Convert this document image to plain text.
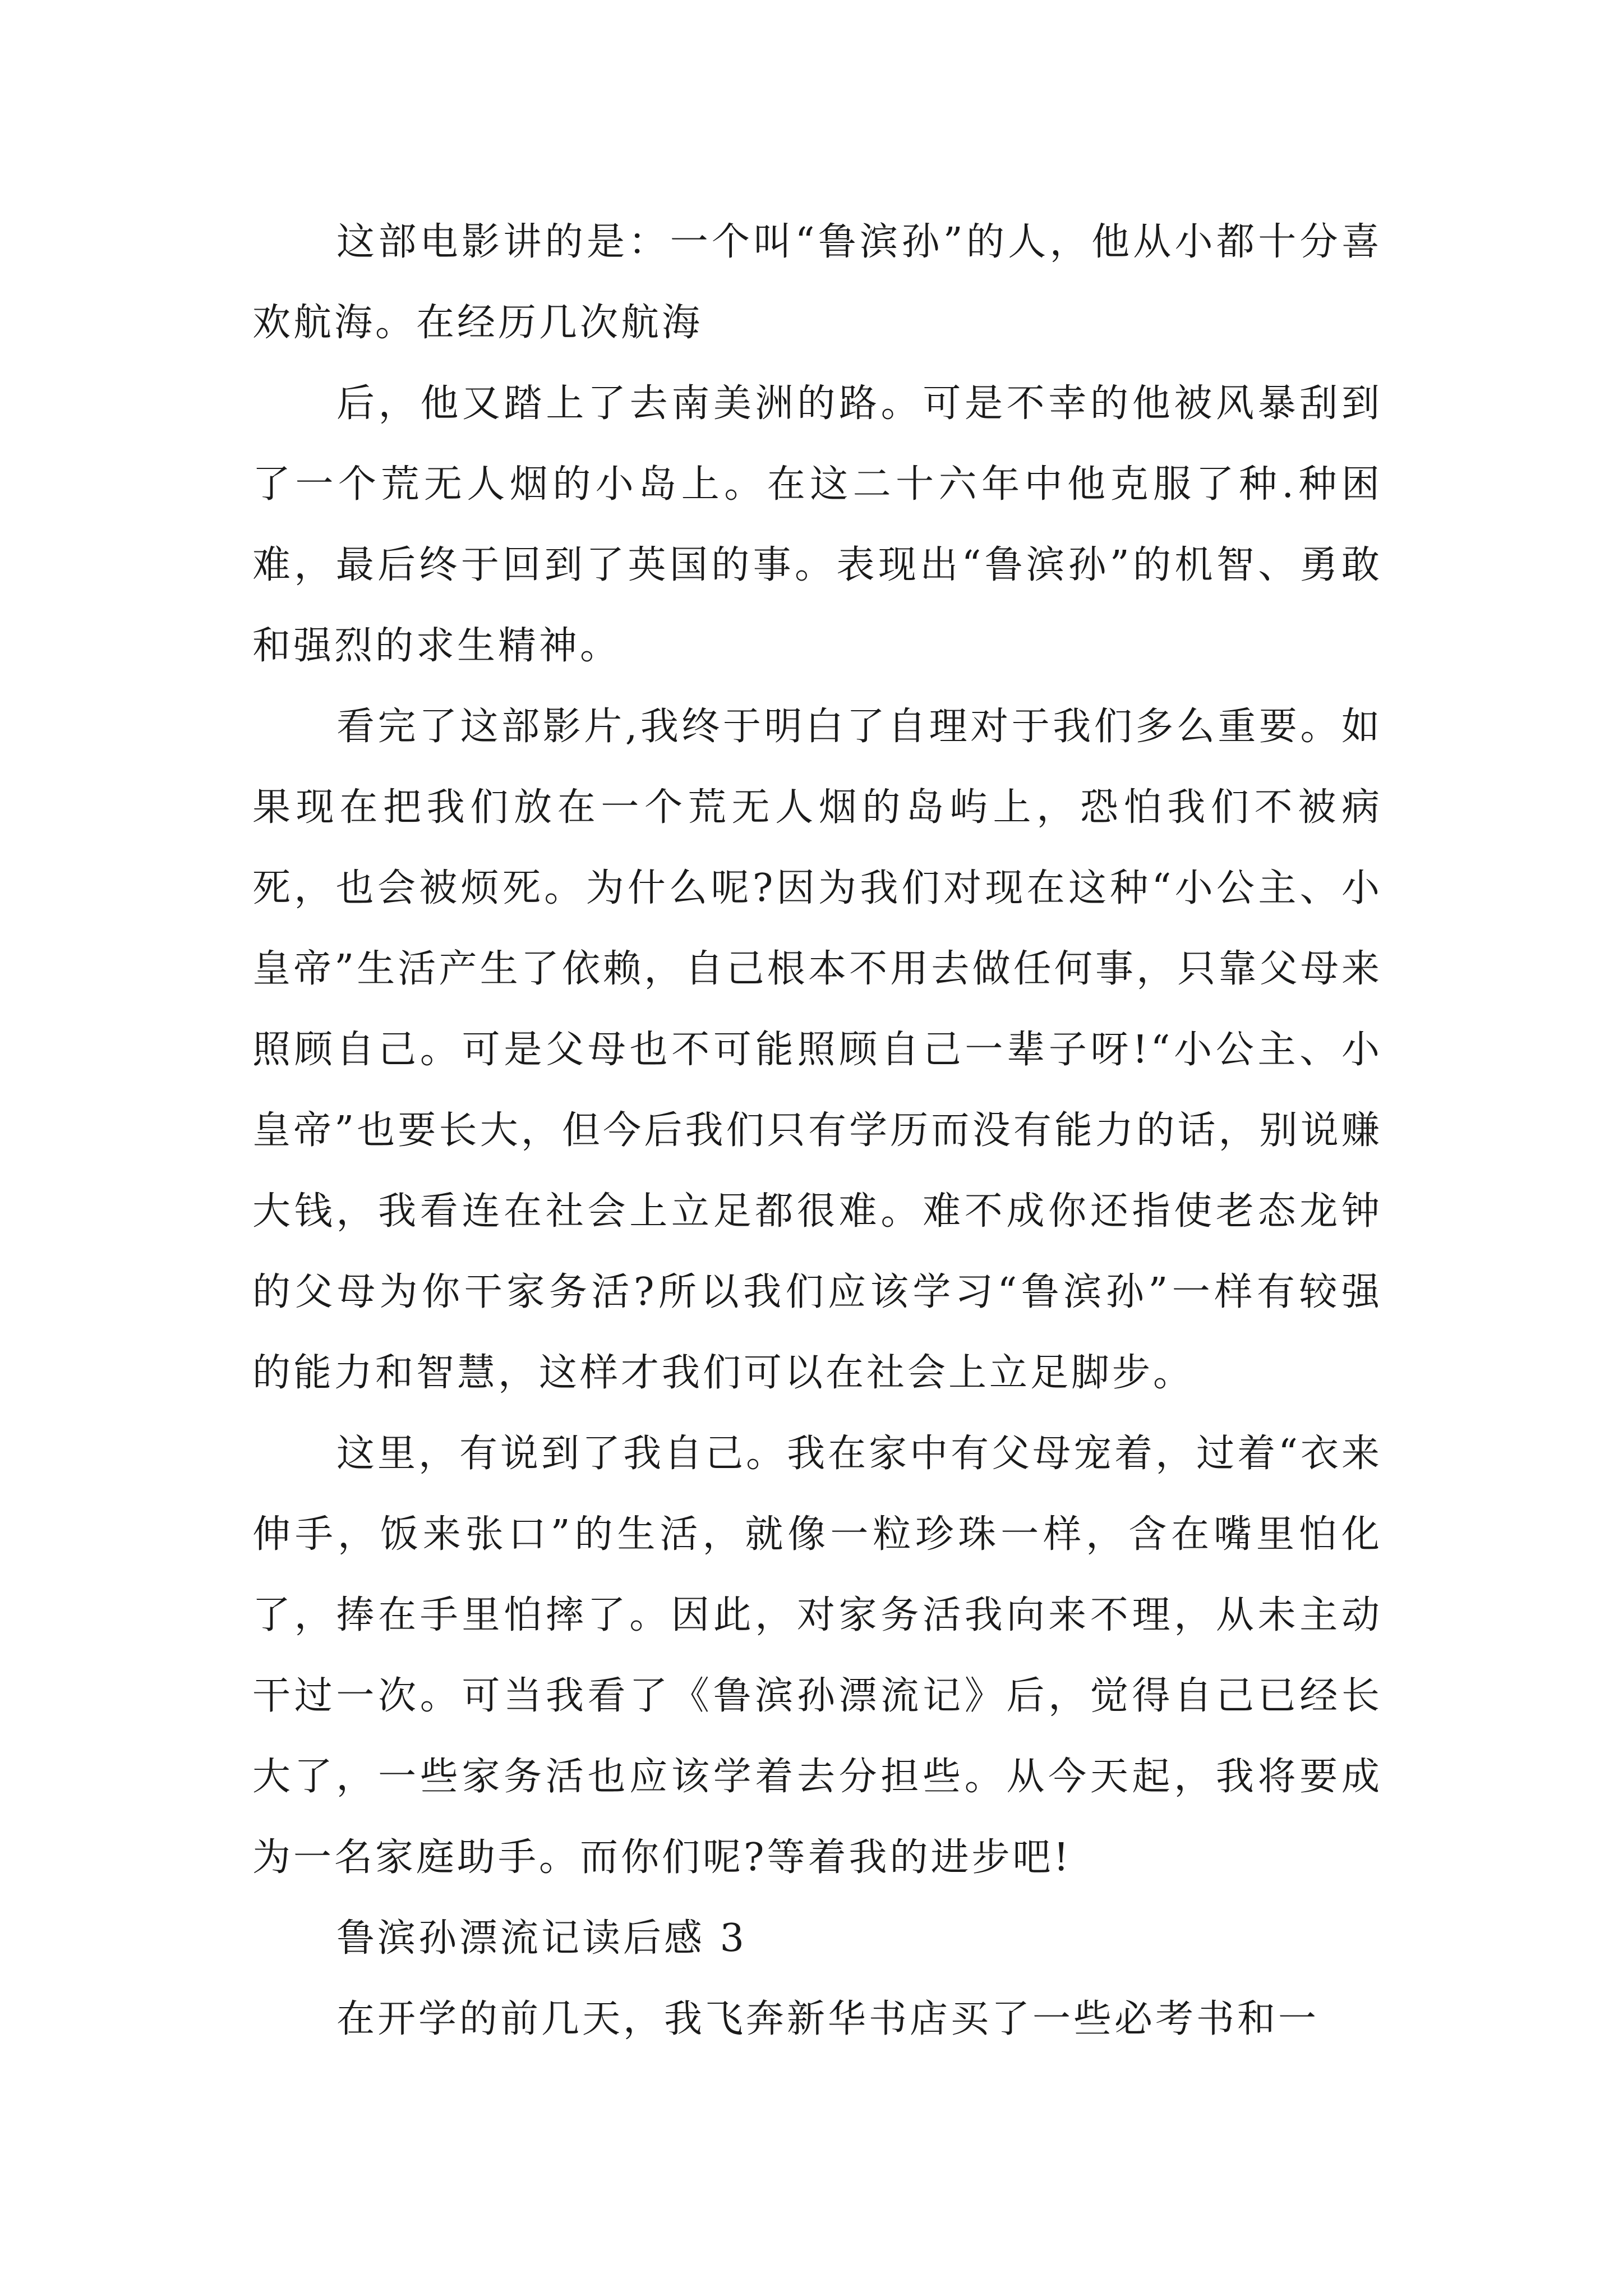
这部电影讲的是：一个叫“鲁滨孙”的人，他从小都十分喜欢航海。在经历几次航海

后，他又踏上了去南美洲的路。可是不幸的他被风暴刮到了一个荒无人烟的小岛上。在这二十六年中他克服了种.种困难，最后终于回到了英国的事。表现出“鲁滨孙”的机智、勇敢和强烈的求生精神。

看完了这部影片,我终于明白了自理对于我们多么重要。如果现在把我们放在一个荒无人烟的岛屿上，恐怕我们不被病死，也会被烦死。为什么呢?因为我们对现在这种“小公主、小皇帝”生活产生了依赖，自己根本不用去做任何事，只靠父母来照顾自己。可是父母也不可能照顾自己一辈子呀!“小公主、小皇帝”也要长大，但今后我们只有学历而没有能力的话，别说赚大钱，我看连在社会上立足都很难。难不成你还指使老态龙钟的父母为你干家务活?所以我们应该学习“鲁滨孙”一样有较强的能力和智慧，这样才我们可以在社会上立足脚步。

这里，有说到了我自己。我在家中有父母宠着，过着“衣来伸手，饭来张口”的生活，就像一粒珍珠一样，含在嘴里怕化了，捧在手里怕摔了。因此，对家务活我向来不理，从未主动干过一次。可当我看了《鲁滨孙漂流记》后，觉得自己已经长大了，一些家务活也应该学着去分担些。从今天起，我将要成为一名家庭助手。而你们呢?等着我的进步吧!

鲁滨孙漂流记读后感 3

在开学的前几天，我飞奔新华书店买了一些必考书和一
